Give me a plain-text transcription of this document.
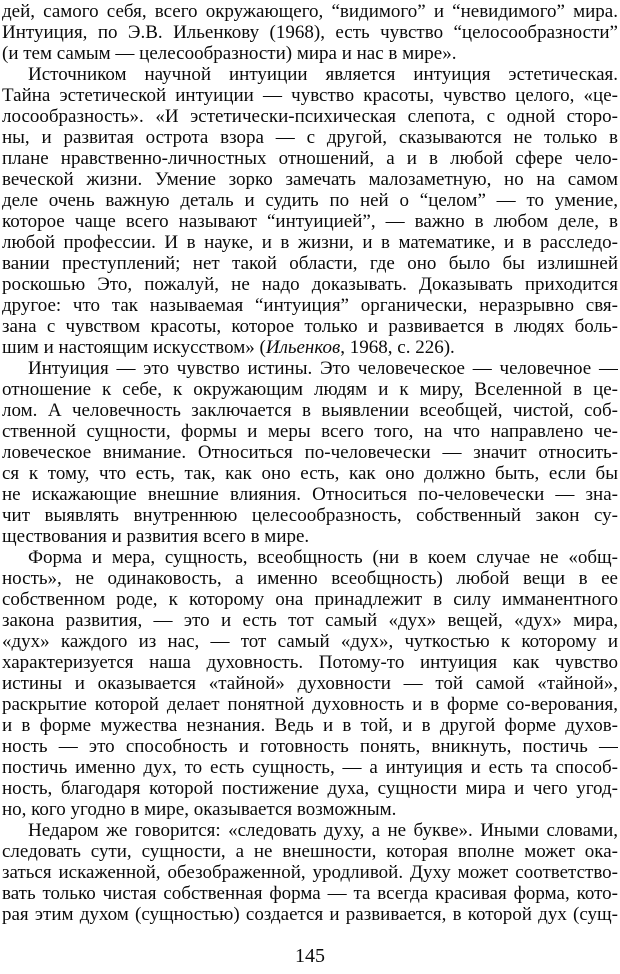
дей, самого себя, всего окружающего, “видимого” и “невидимого” мира.
Интуиция, по Э.В. Ильенкову (1968), есть чувство “целосообразности”
(и тем самым — целесообразности) мира и нас в мире».
Источником научной интуиции является интуиция эстетическая.
Тайна эстетической интуиции — чувство красоты, чувство целого, «це-
лосообразность». «И эстетически-психическая слепота, с одной сторо-
ны, и развитая острота взора — с другой, сказываются не только в
плане нравственно-личностных отношений, а и в любой сфере чело-
веческой жизни. Умение зорко замечать малозаметную, но на самом
деле очень важную деталь и судить по ней о “целом” — то умение,
которое чаще всего называют “интуицией”, — важно в любом деле, в
любой профессии. И в науке, и в жизни, и в математике, и в расследо-
вании преступлений; нет такой области, где оно было бы излишней
роскошью Это, пожалуй, не надо доказывать. Доказывать приходится
другое: что так называемая “интуиция” органически, неразрывно свя-
зана с чувством красоты, которое только и развивается в людях боль-
шим и настоящим искусством» (Ильенков, 1968, с. 226).
Интуиция — это чувство истины. Это человеческое — человечное —
отношение к себе, к окружающим людям и к миру, Вселенной в це-
лом. А человечность заключается в выявлении всеобщей, чистой, соб-
ственной сущности, формы и меры всего того, на что направлено че-
ловеческое внимание. Относиться по-человечески — значит относить-
ся к тому, что есть, так, как оно есть, как оно должно быть, если бы
не искажающие внешние влияния. Относиться по-человечески — зна-
чит выявлять внутреннюю целесообразность, собственный закон су-
ществования и развития всего в мире.
Форма и мера, сущность, всеобщность (ни в коем случае не «общ-
ность», не одинаковость, а именно всеобщность) любой вещи в ее
собственном роде, к которому она принадлежит в силу имманентного
закона развития, — это и есть тот самый «дух» вещей, «дух» мира,
«дух» каждого из нас, — тот самый «дух», чуткостью к которому и
характеризуется наша духовность. Потому-то интуиция как чувство
истины и оказывается «тайной» духовности — той самой «тайной»,
раскрытие которой делает понятной духовность и в форме со-верования,
и в форме мужества незнания. Ведь и в той, и в другой форме духов-
ность — это способность и готовность понять, вникнуть, постичь —
постичь именно дух, то есть сущность, — а интуиция и есть та способ-
ность, благодаря которой постижение духа, сущности мира и чего угод-
но, кого угодно в мире, оказывается возможным.
Недаром же говорится: «следовать духу, а не букве». Иными словами,
следовать сути, сущности, а не внешности, которая вполне может ока-
заться искаженной, обезображенной, уродливой. Духу может соответство-
вать только чистая собственная форма — та всегда красивая форма, кото-
рая этим духом (сущностью) создается и развивается, в которой дух (сущ-
145
